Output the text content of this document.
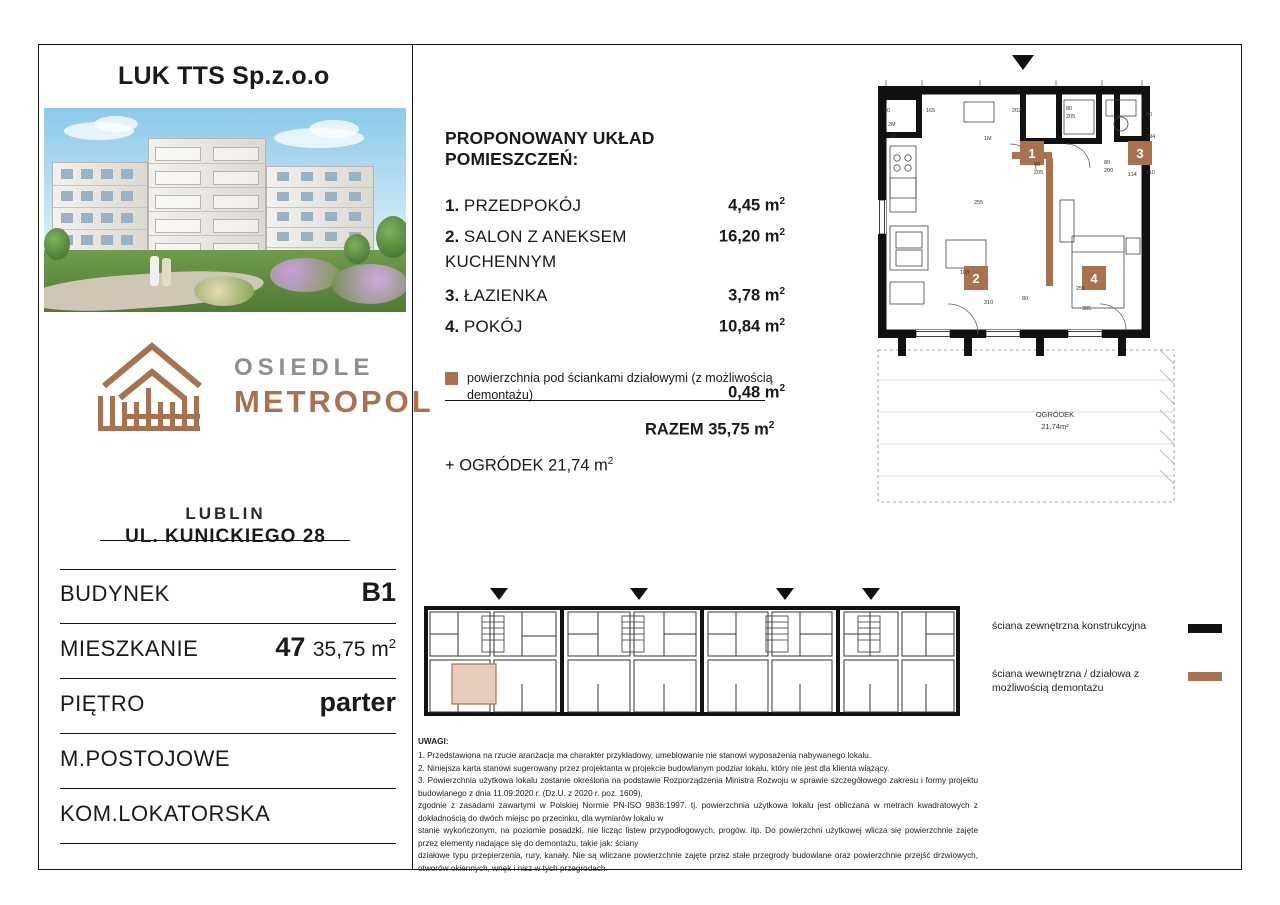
LUK TTS Sp.z.o.o
OSIEDLE
METROPOL
LUBLIN
UL. KUNICKIEGO 28
BUDYNEK	B1
MIESZKANIE	47 35,75 $m^2$
PIĘTRO	parter
M.POSTOJOWE
KOM.LOKATORSKA
PROPONOWANY UKŁAD POMIESZCZEŃ:
1. PRZEDPOKÓJ	4,45 $m^2$
2. SALON Z ANEKSEM	16,20 $m^2$
KUCHENNYM
3. ŁAZIENKA	3,78 $m^2$
4. POKÓJ	10,84 $m^2$
powierzchnia pod ściankami działowymi (z możliwością demontażu)	0,48 $m^2$
RAZEM 35,75 $m^2$
+ OGRÓDEK 21,74 $m^2$
1
2
3
4
60	165	202	80
205
255
90
205
80
200
114
194
110
60
103
255
305
310
80
2M
1M
60
OGRÓDEK
21,74m²
ściana zewnętrzna konstrukcyjna
ściana wewnętrzna / działowa z możliwością demontażu
UWAGI:

1. Przedstawiona na rzucie aranżacja ma charakter przykładowy, umeblowanie nie stanowi wyposażenia nabywanego lokalu.

2. Niniejsza karta stanowi sugerowany przez projektanta w projekcie budowlanym podziar lokalu, który nie jest dla klienta wiążący.

3. Powierzchnia użytkowa lokalu zostanie określona na podstawie Rozporządzenia Ministra Rozwoju w sprawie szczegółowego zakresu i formy projektu budowlanego z dnia 11.09.2020 r. (Dz.U. z 2020 r. poz. 1609),

zgodnie z zasadami zawartymi w Polskiej Normie PN-ISO 9836:1997. tj. powierzchnia użytkowa lokalu jest obliczana w metrach kwadratowych z dokładnością do dwóch miejsc po przecinku, dla wymiarów lokalu w

stanie wykończonym, na poziomie posadzki, nie licząc listew przypodłogowych, progów. itp. Do powierzchni użytkowej wlicza się powierzchnie zajęte przez elementy nadające się do demontażu, takie jak: ściany

działowe typu przepierzenia, rury, kanały. Nie są wliczane powierzchnie zajęte przez stałe przegrody budowlane oraz powierzchnie przejść drzwiowych, otworów okiennych, wnęk i nisz w tych przegrodach.
